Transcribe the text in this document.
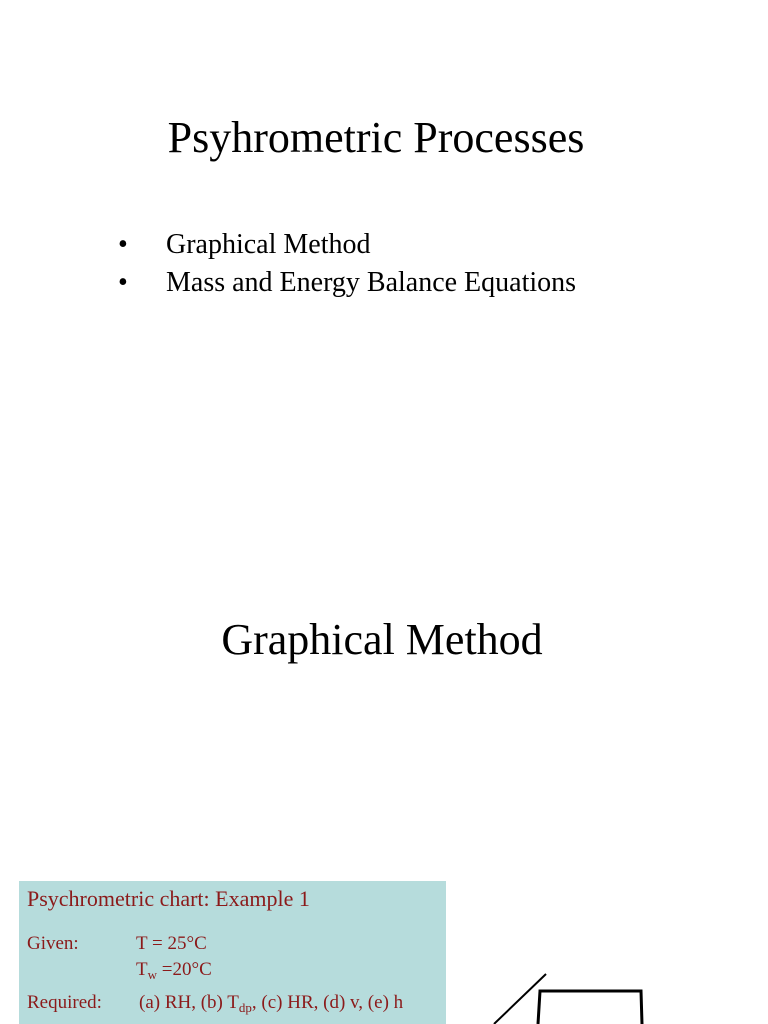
Psyhrometric Processes
• Graphical Method
• Mass and Energy Balance Equations
Graphical Method
Psychrometric chart: Example 1
Given:	T = 25°C
$T_w =20^\circ C$
Required: (a) RH, (b) $T_{dp}$, (c) HR, (d) v, (e) h
